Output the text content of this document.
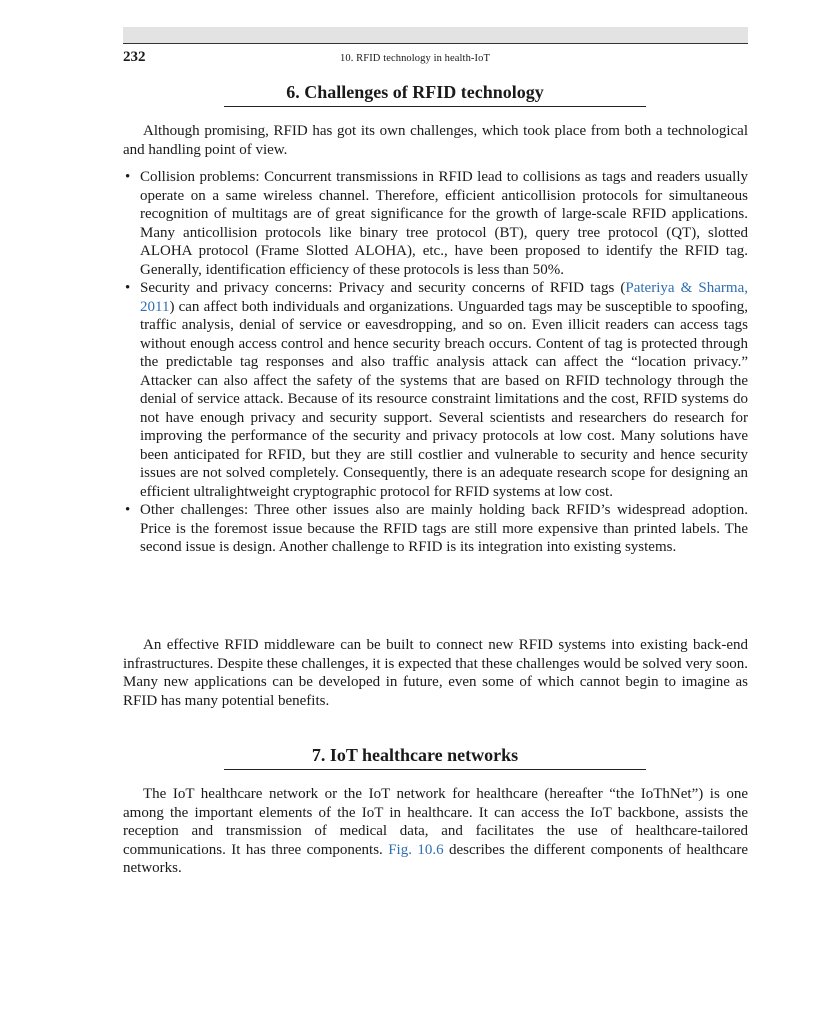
232	10. RFID technology in health-IoT
6. Challenges of RFID technology

Although promising, RFID has got its own challenges, which took place from both a technological and handling point of view.

• Collision problems: Concurrent transmissions in RFID lead to collisions as tags and readers usually operate on a same wireless channel. Therefore, efficient anticollision protocols for simultaneous recognition of multitags are of great significance for the growth of large-scale RFID applications. Many anticollision protocols like binary tree protocol (BT), query tree protocol (QT), slotted ALOHA protocol (Frame Slotted ALOHA), etc., have been proposed to identify the RFID tag. Generally, identification efficiency of these protocols is less than 50%.
• Security and privacy concerns: Privacy and security concerns of RFID tags (Pateriya & Sharma, 2011) can affect both individuals and organizations. Unguarded tags may be susceptible to spoofing, traffic analysis, denial of service or eavesdropping, and so on. Even illicit readers can access tags without enough access control and hence security breach occurs. Content of tag is protected through the predictable tag responses and also traffic analysis attack can affect the “location privacy.” Attacker can also affect the safety of the systems that are based on RFID technology through the denial of service attack. Because of its resource constraint limitations and the cost, RFID systems do not have enough privacy and security support. Several scientists and researchers do research for improving the performance of the security and privacy protocols at low cost. Many solutions have been anticipated for RFID, but they are still costlier and vulnerable to security and hence security issues are not solved completely. Consequently, there is an adequate research scope for designing an efficient ultralightweight cryptographic protocol for RFID systems at low cost.
• Other challenges: Three other issues also are mainly holding back RFID’s widespread adoption. Price is the foremost issue because the RFID tags are still more expensive than printed labels. The second issue is design. Another challenge to RFID is its integration into existing systems.

An effective RFID middleware can be built to connect new RFID systems into existing back-end infrastructures. Despite these challenges, it is expected that these challenges would be solved very soon. Many new applications can be developed in future, even some of which cannot begin to imagine as RFID has many potential benefits.

7. IoT healthcare networks

The IoT healthcare network or the IoT network for healthcare (hereafter “the IoThNet”) is one among the important elements of the IoT in healthcare. It can access the IoT backbone, assists the reception and transmission of medical data, and facilitates the use of healthcare-tailored communications. It has three components. Fig. 10.6 describes the different components of healthcare networks.
